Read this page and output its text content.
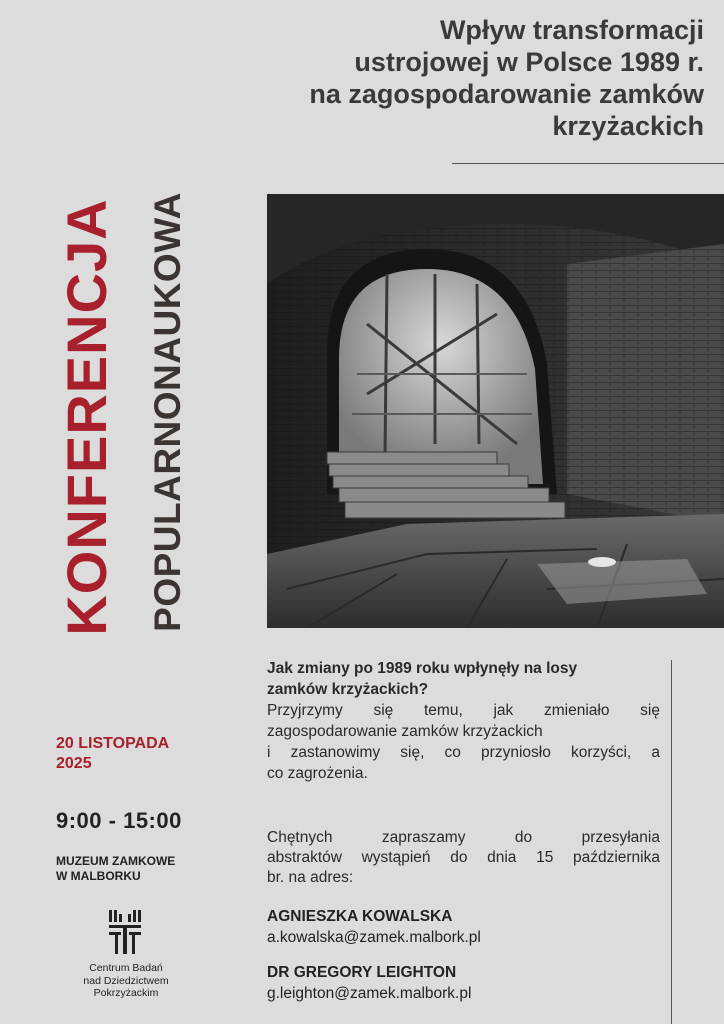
Wpływ transformacji
ustrojowej w Polsce 1989 r.
na zagospodarowanie zamków
krzyżackich
KONFERENCJA POPULARNONAUKOWA

Jak zmiany po 1989 roku wpłynęły na losy
zamków krzyżackich?

Przyjrzymy się temu, jak zmieniało się
zagospodarowanie zamków krzyżackich
i zastanowimy się, co przyniosło korzyści, a
co zagrożenia.

Chętnych zapraszamy do przesyłania
abstraktów wystąpień do dnia 15 października
br. na adres:

AGNIESZKA KOWALSKA
a.kowalska@zamek.malbork.pl

DR GREGORY LEIGHTON
g.leighton@zamek.malbork.pl

20 LISTOPADA
2025

9:00 - 15:00

MUZEUM ZAMKOWE
W MALBORKU

Centrum Badań
nad Dziedzictwem
Pokrzyżackim
